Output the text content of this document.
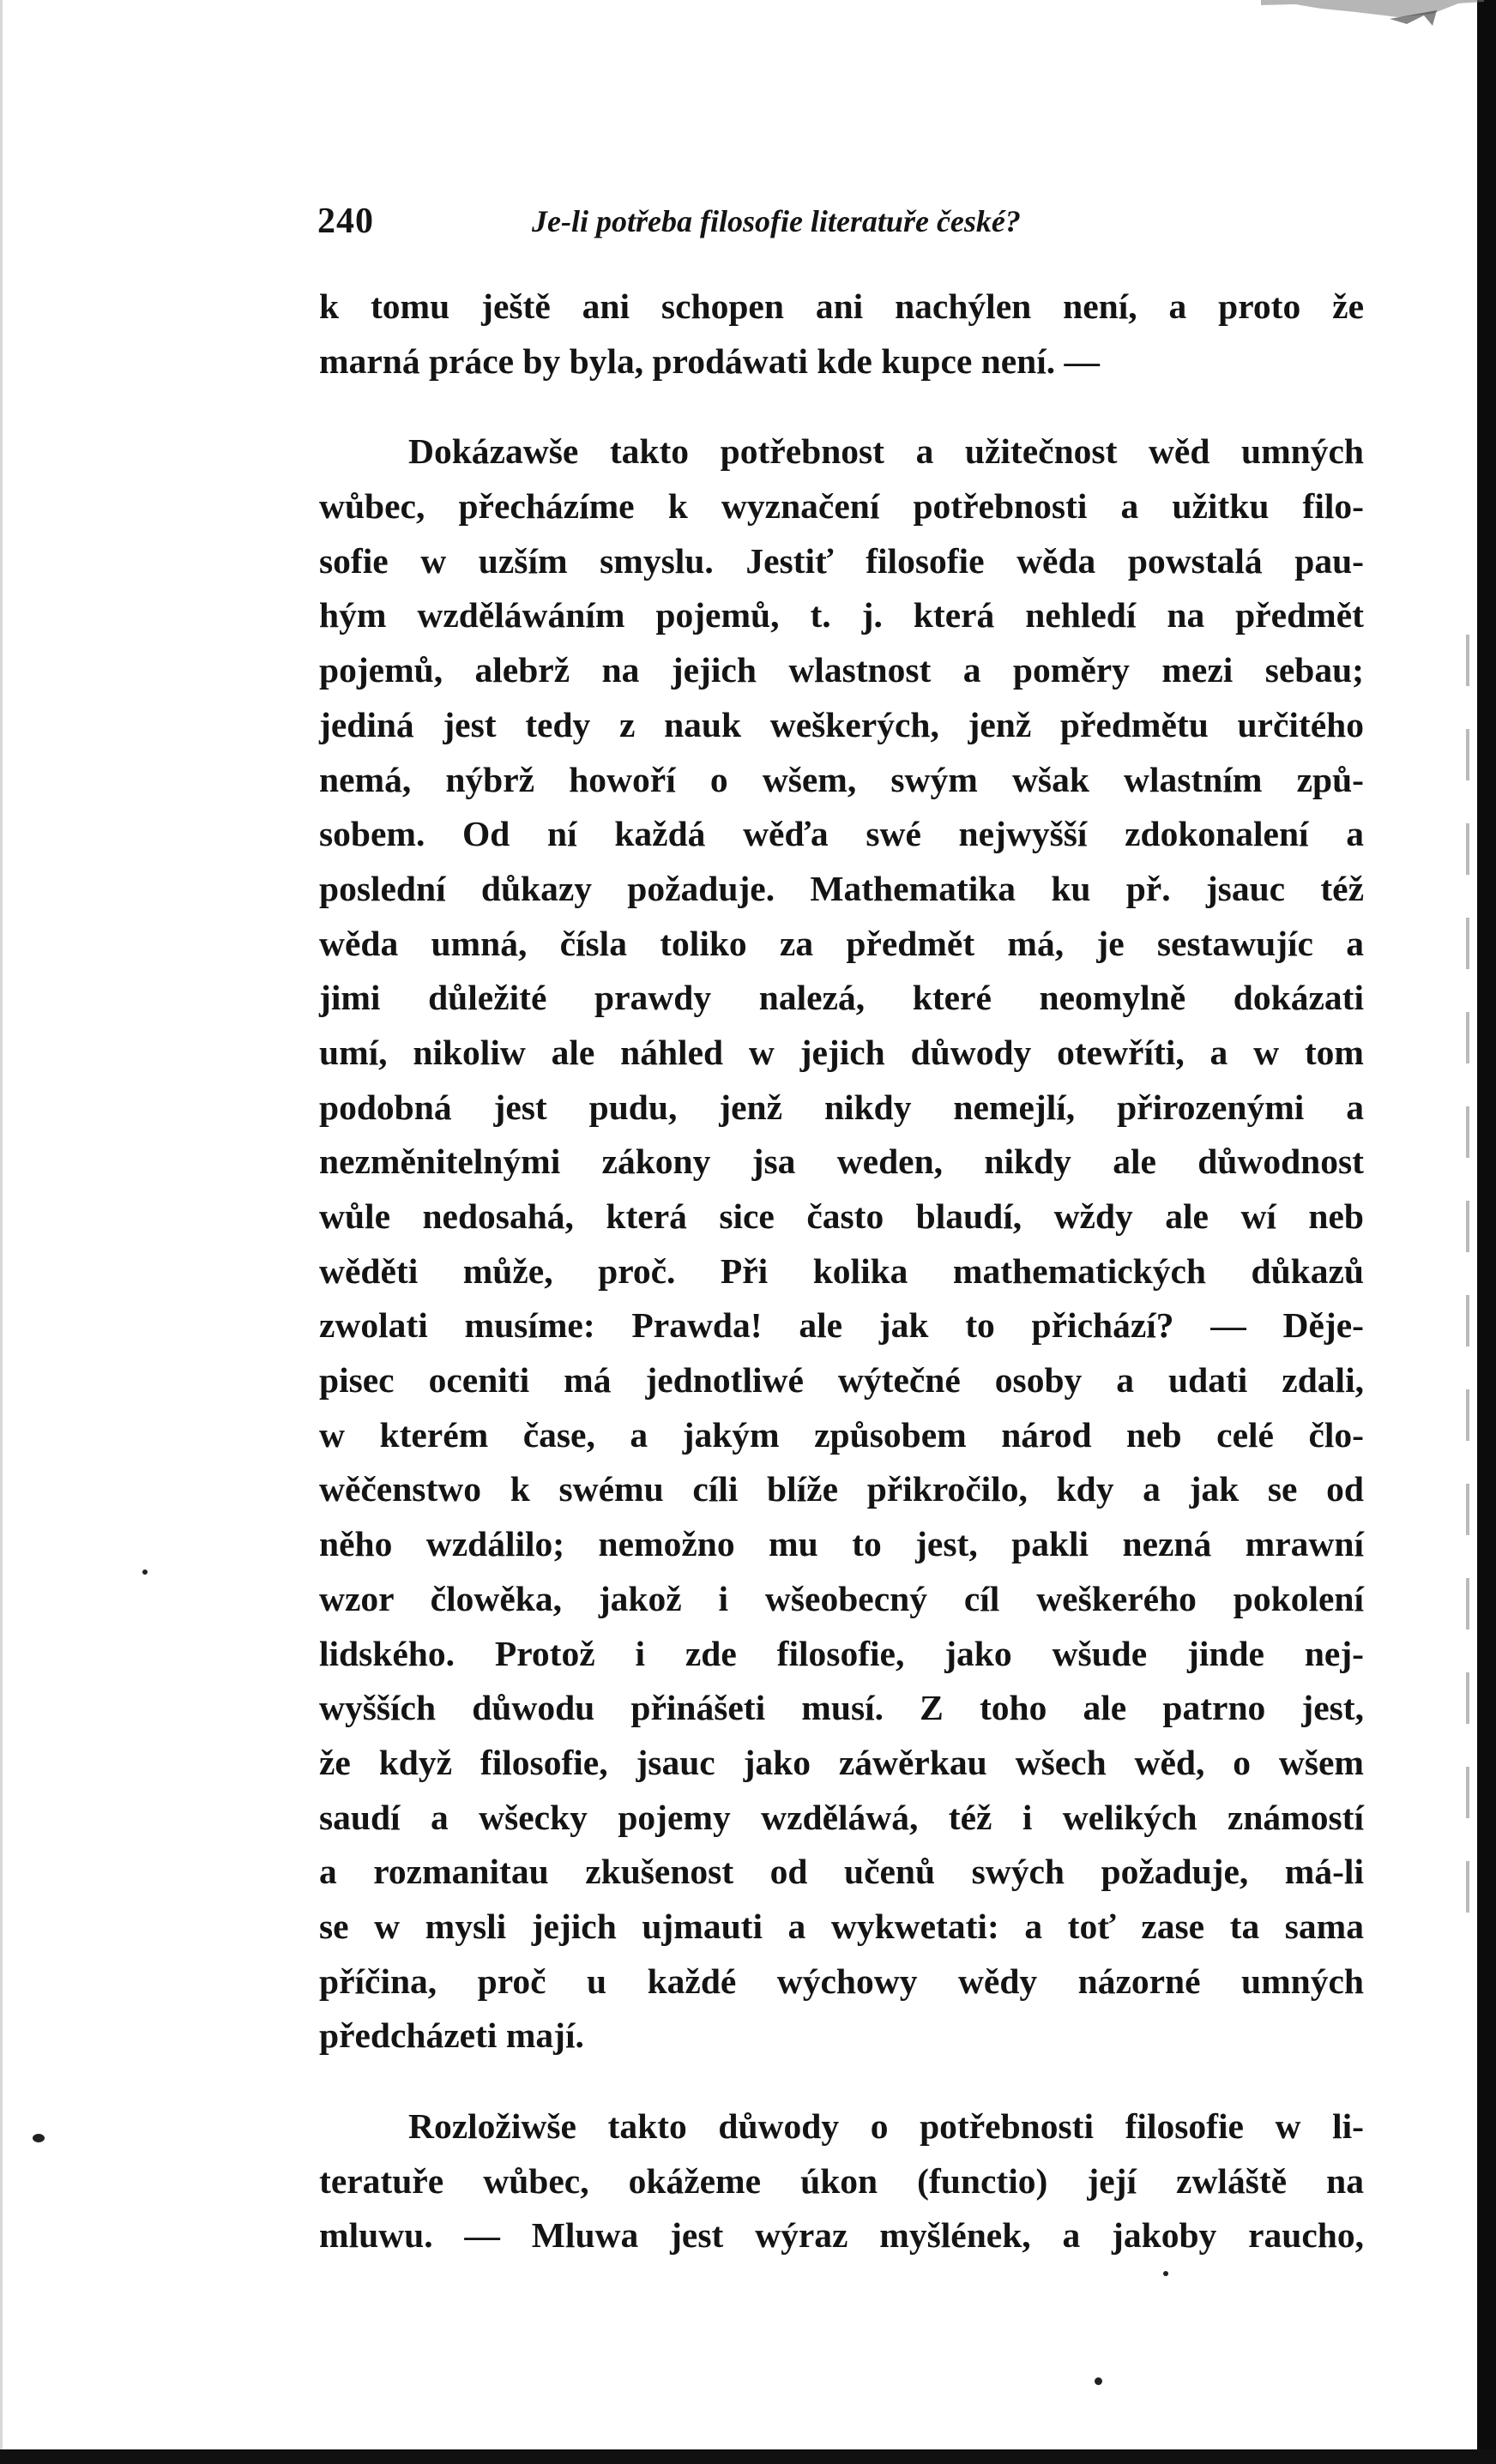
240	Je-li potřeba filosofie literatuře české?
k tomu ještě ani schopen ani nachýlen není, a proto že
marná práce by byla, prodáwati kde kupce není. —
Dokázawše takto potřebnost a užitečnost wěd umných
wůbec, přecházíme k wyznačení potřebnosti a užitku filo-
sofie w uzším smyslu. Jestiť filosofie wěda powstalá pau-
hým wzděláwáním pojemů, t. j. která nehledí na předmět
pojemů, alebrž na jejich wlastnost a poměry mezi sebau;
jediná jest tedy z nauk weškerých, jenž předmětu určitého
nemá, nýbrž howoří o wšem, swým wšak wlastním způ-
sobem. Od ní každá wěďa swé nejwyšší zdokonalení a
poslední důkazy požaduje. Mathematika ku př. jsauc též
wěda umná, čísla toliko za předmět má, je sestawujíc a
jimi důležité prawdy nalezá, které neomylně dokázati
umí, nikoliw ale náhled w jejich důwody otewříti, a w tom
podobná jest pudu, jenž nikdy nemejlí, přirozenými a
nezměnitelnými zákony jsa weden, nikdy ale důwodnost
wůle nedosahá, která sice často blaudí, wždy ale wí neb
wěděti může, proč. Při kolika mathematických důkazů
zwolati musíme: Prawda! ale jak to přichází? — Děje-
pisec oceniti má jednotliwé wýtečné osoby a udati zdali,
w kterém čase, a jakým způsobem národ neb celé člo-
wěčenstwo k swému cíli blíže přikročilo, kdy a jak se od
něho wzdálilo; nemožno mu to jest, pakli nezná mrawní
wzor člowěka, jakož i wšeobecný cíl weškerého pokolení
lidského. Protož i zde filosofie, jako wšude jinde nej-
wyšších důwodu přinášeti musí. Z toho ale patrno jest,
že když filosofie, jsauc jako záwěrkau wšech wěd, o wšem
saudí a wšecky pojemy wzděláwá, též i welikých známostí
a rozmanitau zkušenost od učenů swých požaduje, má-li
se w mysli jejich ujmauti a wykwetati: a toť zase ta sama
příčina, proč u každé wýchowy wědy názorné umných
předcházeti mají.
Rozložiwše takto důwody o potřebnosti filosofie w li-
teratuře wůbec, okážeme úkon (functio) její zwláště na
mluwu. — Mluwa jest wýraz myšlének, a jakoby raucho,
